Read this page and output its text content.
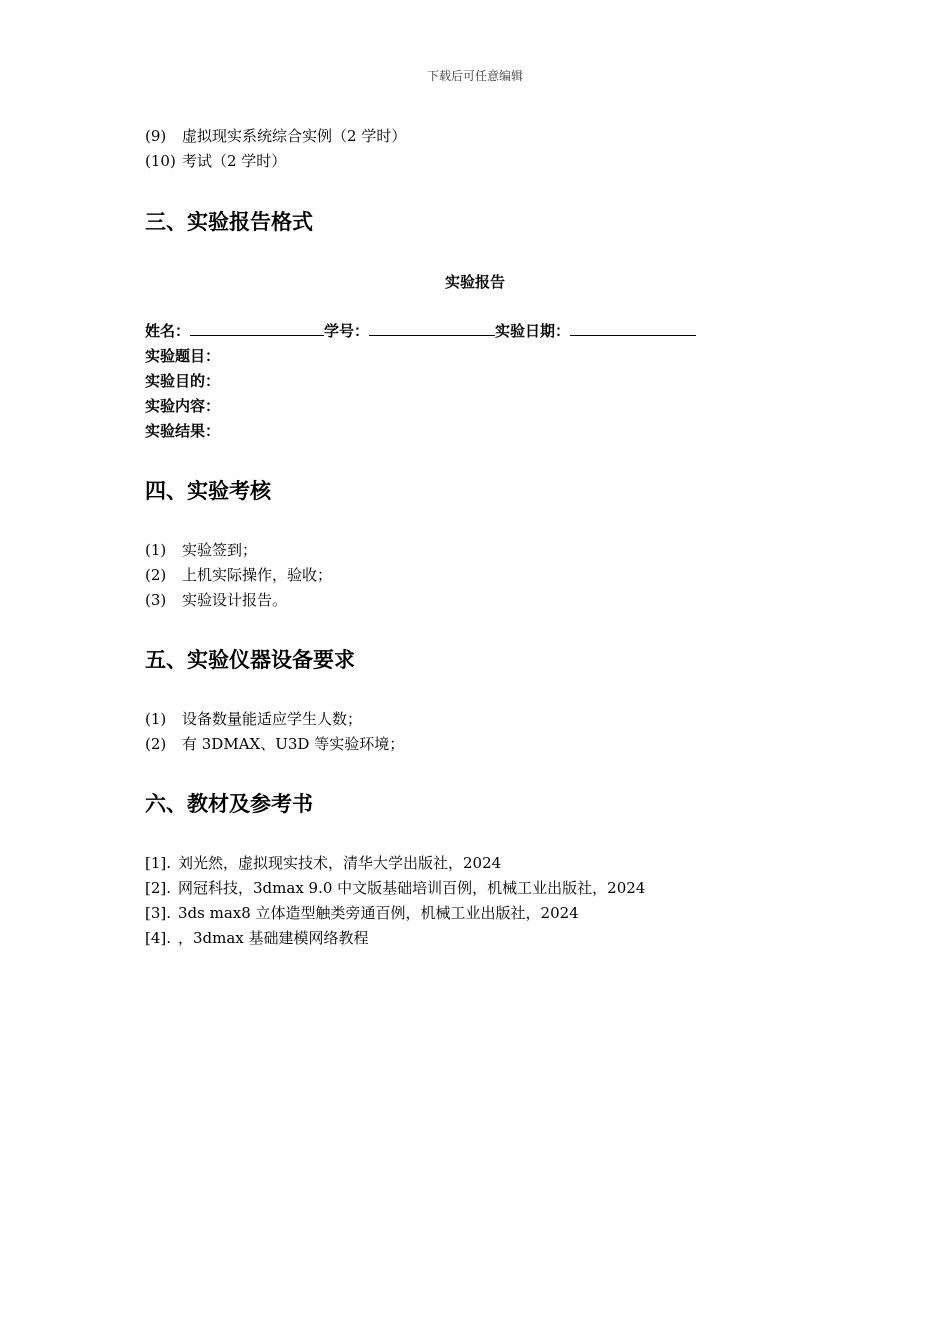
下载后可任意编辑
(9) 虚拟现实系统综合实例（2 学时）
(10) 考试（2 学时）
三、实验报告格式
实验报告
姓名：	学号：	实验日期：
实验题目：
实验目的：
实验内容：
实验结果：
四、实验考核
(1) 实验签到；
(2) 上机实际操作，验收；
(3) 实验设计报告。
五、实验仪器设备要求
(1) 设备数量能适应学生人数；
(2) 有 3DMAX、U3D 等实验环境；
六、教材及参考书
[1]. 刘光然，虚拟现实技术，清华大学出版社，2024
[2]. 网冠科技，3dmax 9.0 中文版基础培训百例，机械工业出版社，2024
[3]. 3ds max8 立体造型触类旁通百例，机械工业出版社，2024
[4]. ，3dmax 基础建模网络教程
